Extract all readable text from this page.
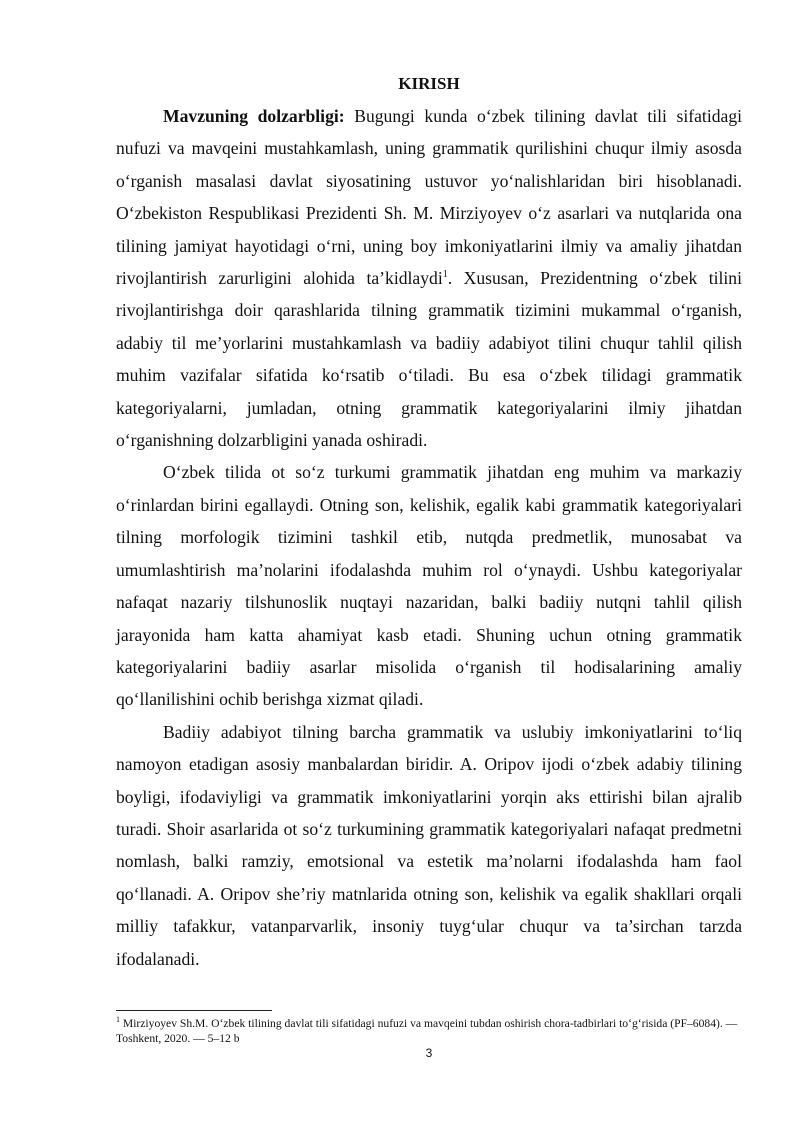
KIRISH

Mavzuning dolzarbligi: Bugungi kunda o‘zbek tilining davlat tili sifatidagi nufuzi va mavqeini mustahkamlash, uning grammatik qurilishini chuqur ilmiy asosda o‘rganish masalasi davlat siyosatining ustuvor yo‘nalishlaridan biri hisoblanadi. O‘zbekiston Respublikasi Prezidenti Sh. M. Mirziyoyev o‘z asarlari va nutqlarida ona tilining jamiyat hayotidagi o‘rni, uning boy imkoniyatlarini ilmiy va amaliy jihatdan rivojlantirish zarurligini alohida ta’kidlaydi$^1$. Xususan, Prezidentning o‘zbek tilini rivojlantirishga doir qarashlarida tilning grammatik tizimini mukammal o‘rganish, adabiy til me’yorlarini mustahkamlash va badiiy adabiyot tilini chuqur tahlil qilish muhim vazifalar sifatida ko‘rsatib o‘tiladi. Bu esa o‘zbek tilidagi grammatik kategoriyalarni, jumladan, otning grammatik kategoriyalarini ilmiy jihatdan o‘rganishning dolzarbligini yanada oshiradi.

O‘zbek tilida ot so‘z turkumi grammatik jihatdan eng muhim va markaziy o‘rinlardan birini egallaydi. Otning son, kelishik, egalik kabi grammatik kategoriyalari tilning morfologik tizimini tashkil etib, nutqda predmetlik, munosabat va umumlashtirish ma’nolarini ifodalashda muhim rol o‘ynaydi. Ushbu kategoriyalar nafaqat nazariy tilshunoslik nuqtayi nazaridan, balki badiiy nutqni tahlil qilish jarayonida ham katta ahamiyat kasb etadi. Shuning uchun otning grammatik kategoriyalarini badiiy asarlar misolida o‘rganish til hodisalarining amaliy qo‘llanilishini ochib berishga xizmat qiladi.

Badiiy adabiyot tilning barcha grammatik va uslubiy imkoniyatlarini to‘liq namoyon etadigan asosiy manbalardan biridir. A. Oripov ijodi o‘zbek adabiy tilining boyligi, ifodaviyligi va grammatik imkoniyatlarini yorqin aks ettirishi bilan ajralib turadi. Shoir asarlarida ot so‘z turkumining grammatik kategoriyalari nafaqat predmetni nomlash, balki ramziy, emotsional va estetik ma’nolarni ifodalashda ham faol qo‘llanadi. A. Oripov she’riy matnlarida otning son, kelishik va egalik shakllari orqali milliy tafakkur, vatanparvarlik, insoniy tuyg‘ular chuqur va ta’sirchan tarzda ifodalanadi.

$^1$ Mirziyoyev Sh.M. O‘zbek tilining davlat tili sifatidagi nufuzi va mavqeini tubdan oshirish chora-tadbirlari to‘g‘risida (PF–6084). — Toshkent, 2020. — 5–12 b

3
